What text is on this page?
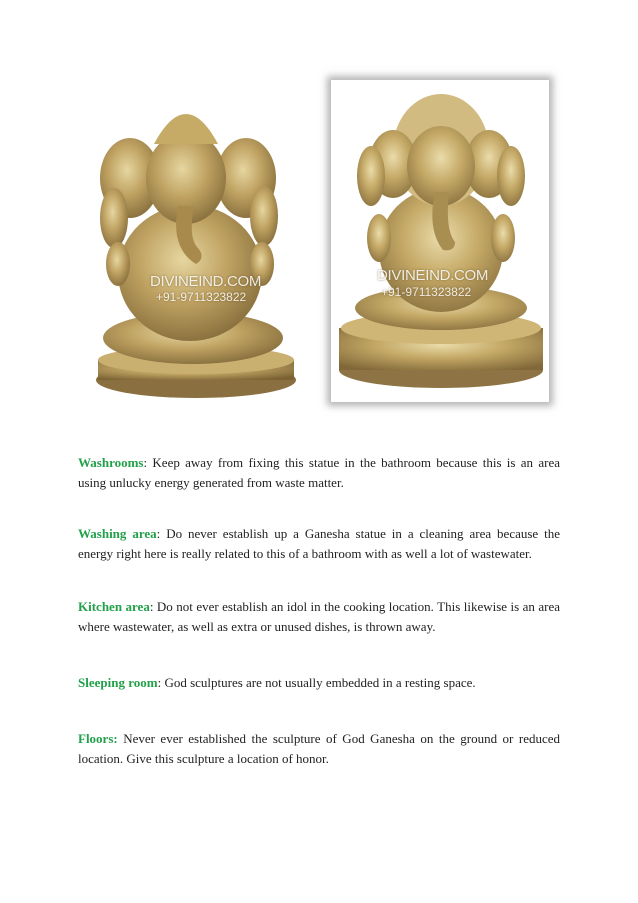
DIVINEIND.COM
+91-9711323822
DIVINEIND.COM
+91-9711323822

Washrooms: Keep away from fixing this statue in the bathroom because this is an area using unlucky energy generated from waste matter.

Washing area: Do never establish up a Ganesha statue in a cleaning area because the energy right here is really related to this of a bathroom with as well a lot of wastewater.

Kitchen area: Do not ever establish an idol in the cooking location. This likewise is an area where wastewater, as well as extra or unused dishes, is thrown away.

Sleeping room: God sculptures are not usually embedded in a resting space.

Floors: Never ever established the sculpture of God Ganesha on the ground or reduced location. Give this sculpture a location of honor.
